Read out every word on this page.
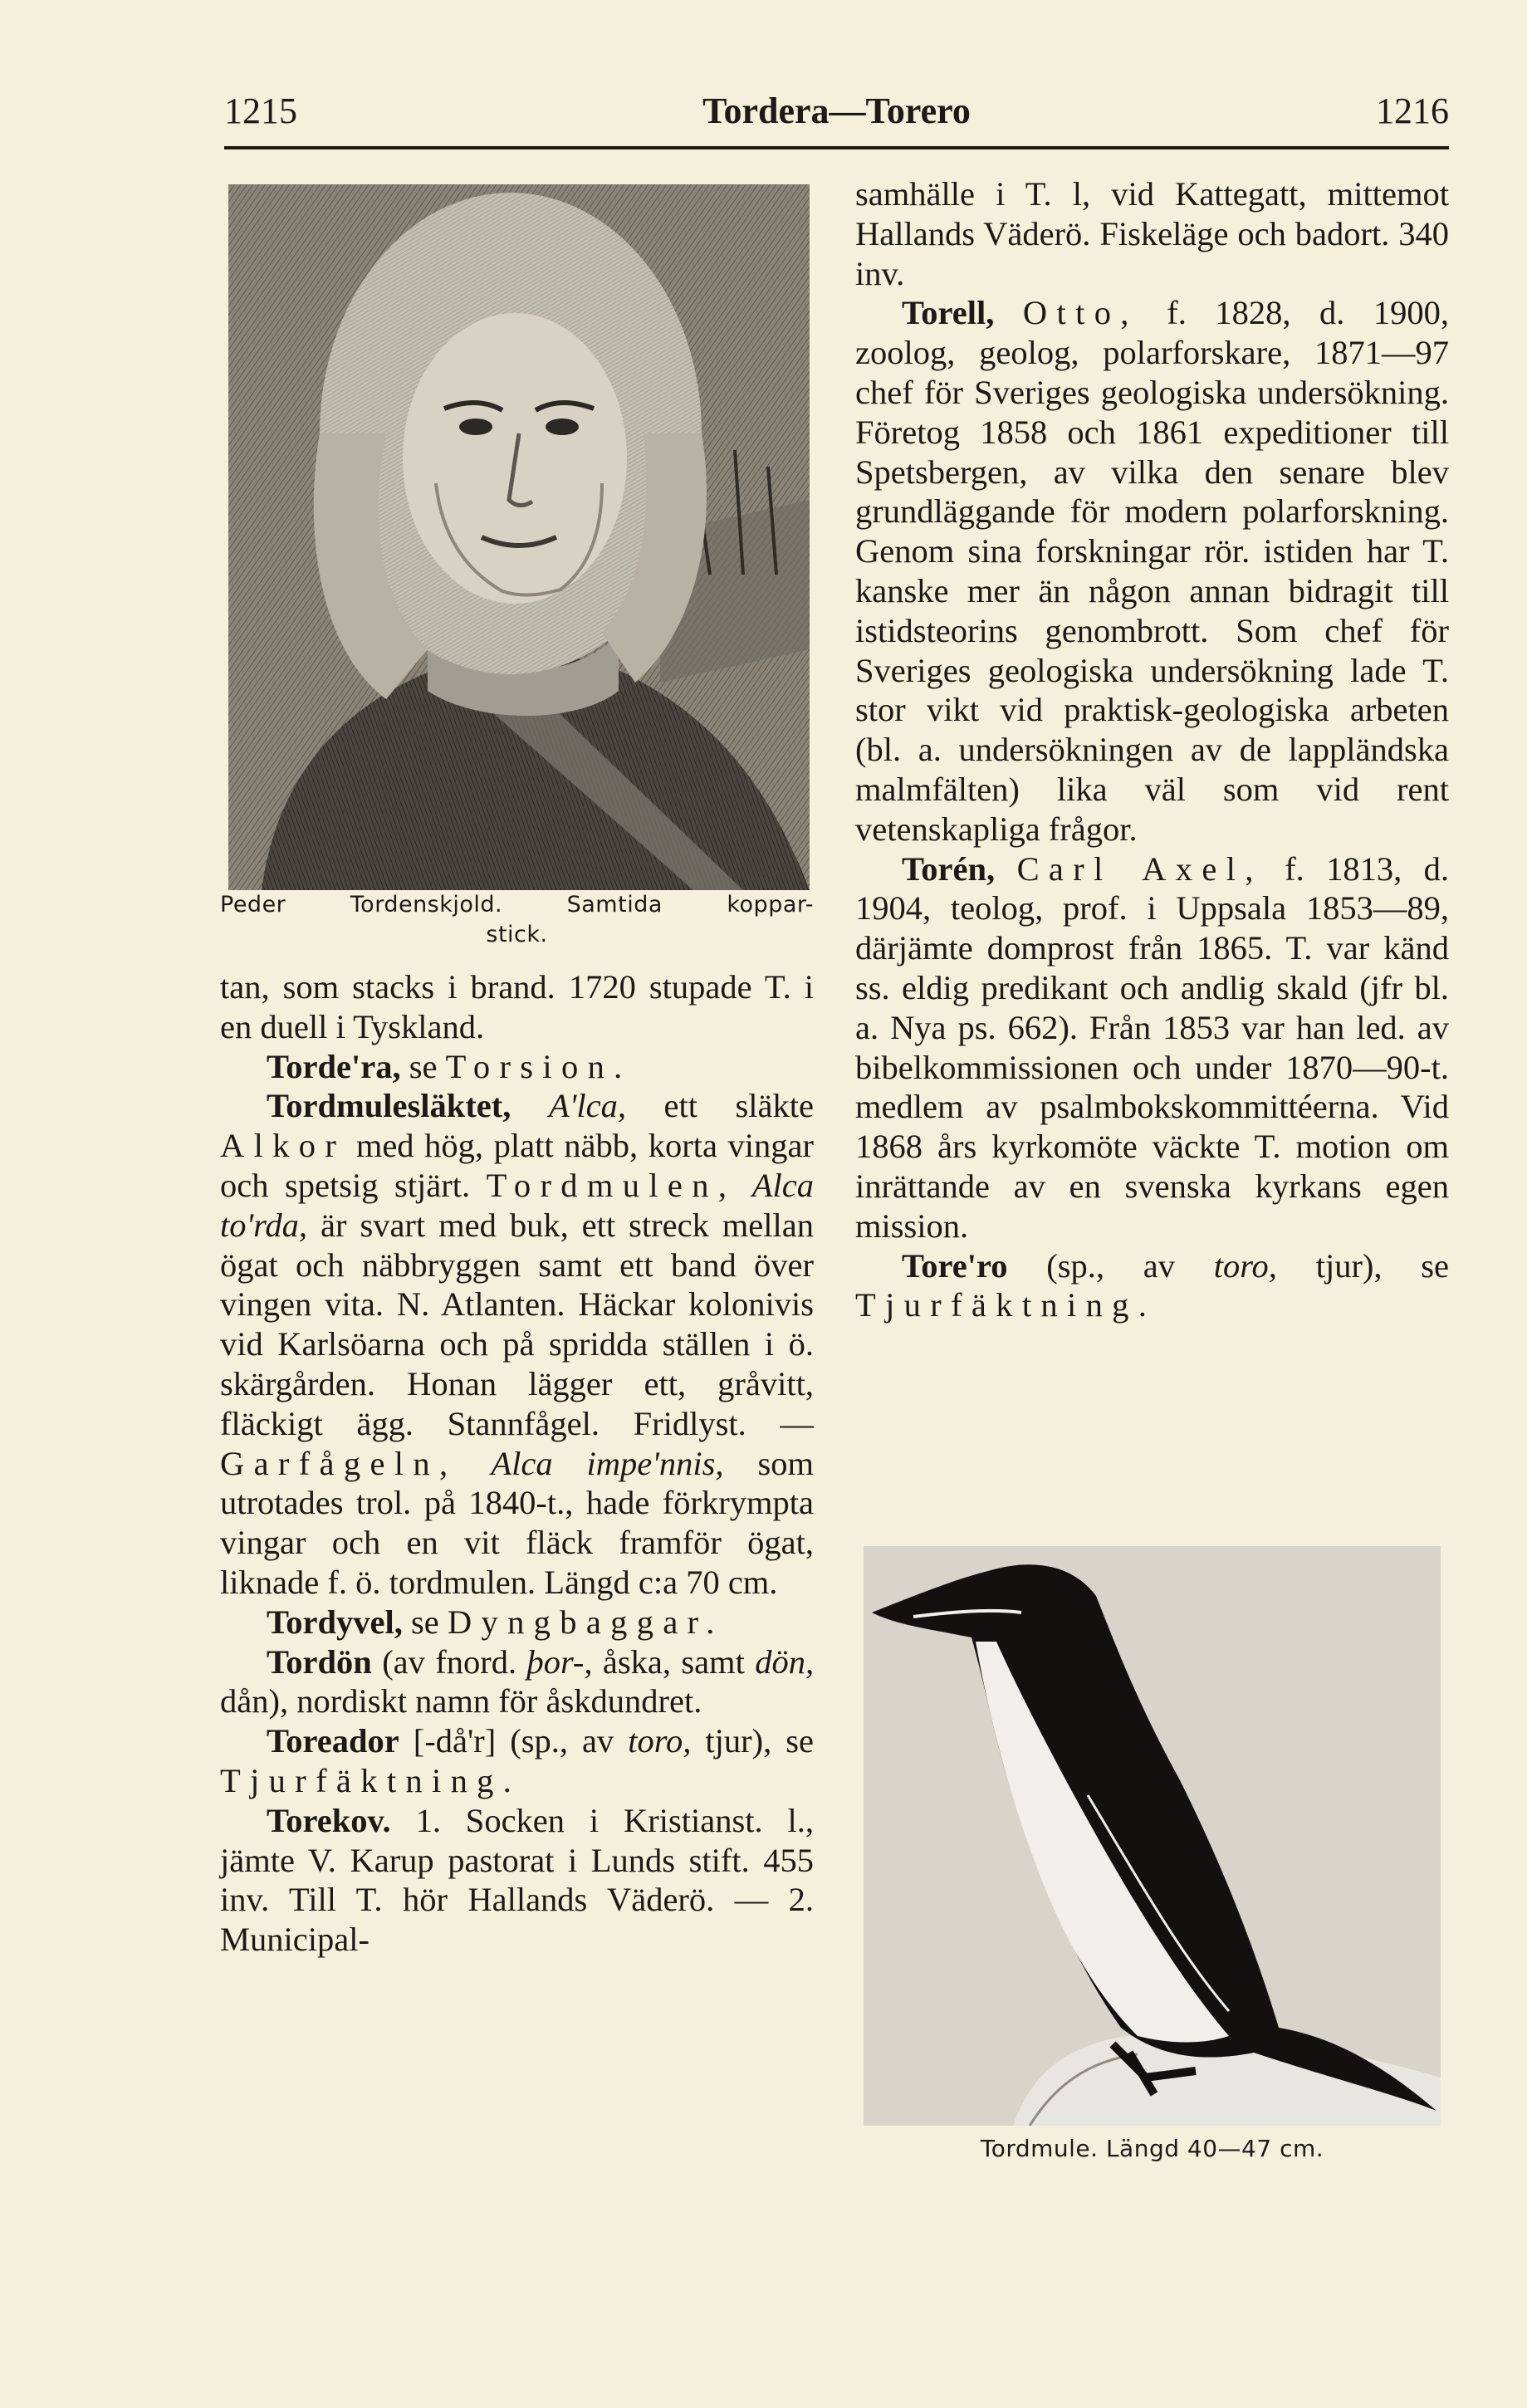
1215	Tordera—Torero	1216
Peder Tordenskjold. Samtida koppar-
stick.

tan, som stacks i brand. 1720 stupade T. i en duell i Tyskland.

Torde'ra, se Torsion.

Tordmulesläktet, A'lca, ett släkte Alkor med hög, platt näbb, korta vingar och spetsig stjärt. Tordmulen, Alca to'rda, är svart med buk, ett streck mellan ögat och näbbryggen samt ett band över vingen vita. N. Atlanten. Häckar kolonivis vid Karlsöarna och på spridda ställen i ö. skärgården. Honan lägger ett, gråvitt, fläckigt ägg. Stannfågel. Fridlyst. — Garfågeln, Alca impe'nnis, som utrotades trol. på 1840-t., hade förkrympta vingar och en vit fläck framför ögat, liknade f. ö. tordmulen. Längd c:a 70 cm.

Tordyvel, se Dyngbaggar.

Tordön (av fnord. þor-, åska, samt dön, dån), nordiskt namn för åskdundret.

Toreador [-då'r] (sp., av toro, tjur), se Tjurfäktning.

Torekov. 1. Socken i Kristianst. l., jämte V. Karup pastorat i Lunds stift. 455 inv. Till T. hör Hallands Väderö. — 2. Municipal-

samhälle i T. l, vid Kattegatt, mittemot Hallands Väderö. Fiskeläge och badort. 340 inv.

Torell, Otto, f. 1828, d. 1900, zoolog, geolog, polarforskare, 1871—97 chef för Sveriges geologiska undersökning. Företog 1858 och 1861 expeditioner till Spetsbergen, av vilka den senare blev grundläggande för modern polarforskning. Genom sina forskningar rör. istiden har T. kanske mer än någon annan bidragit till istidsteorins genombrott. Som chef för Sveriges geologiska undersökning lade T. stor vikt vid praktisk-geologiska arbeten (bl. a. undersökningen av de lappländska malmfälten) lika väl som vid rent vetenskapliga frågor.

Torén, Carl Axel, f. 1813, d. 1904, teolog, prof. i Uppsala 1853—89, därjämte domprost från 1865. T. var känd ss. eldig predikant och andlig skald (jfr bl. a. Nya ps. 662). Från 1853 var han led. av bibelkommissionen och under 1870—90-t. medlem av psalmbokskommittéerna. Vid 1868 års kyrkomöte väckte T. motion om inrättande av en svenska kyrkans egen mission.

Tore'ro (sp., av toro, tjur), se Tjurfäktning.

Tordmule. Längd 40—47 cm.
